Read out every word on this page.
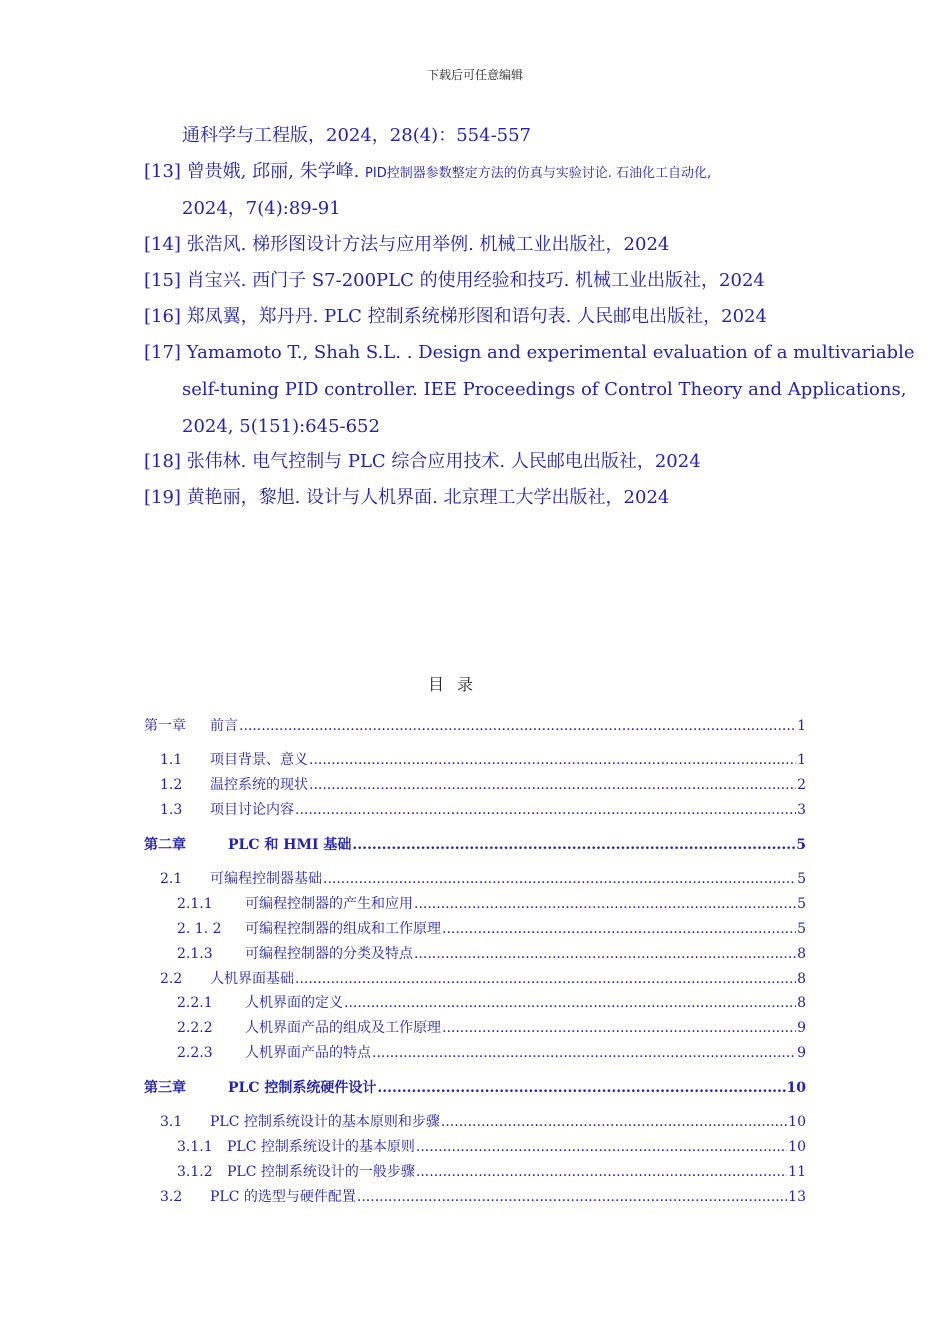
下载后可任意编辑
通科学与工程版，2024，28(4)：554-557
[13] 曾贵娥, 邱丽, 朱学峰. PID控制器参数整定方法的仿真与实验讨论. 石油化工自动化,
2024，7(4):89-91
[14] 张浩风. 梯形图设计方法与应用举例. 机械工业出版社，2024
[15] 肖宝兴. 西门子 S7-200PLC 的使用经验和技巧. 机械工业出版社，2024
[16] 郑凤翼，郑丹丹. PLC 控制系统梯形图和语句表. 人民邮电出版社，2024
[17] Yamamoto T., Shah S.L. . Design and experimental evaluation of a multivariable
self-tuning PID controller. IEE Proceedings of Control Theory and Applications,
2024, 5(151):645-652
[18] 张伟林. 电气控制与 PLC 综合应用技术. 人民邮电出版社，2024
[19] 黄艳丽，黎旭. 设计与人机界面. 北京理工大学出版社，2024
目 录
第一章	前言 .....	1
1.1	项目背景、意义 .....	1
1.2	温控系统的现状 .....	2
1.3	项目讨论内容 .....	3
第二章	PLC 和 HMI 基础 .....	5
2.1	可编程控制器基础 .....	5
2.1.1	可编程控制器的产生和应用 .....	5
2. 1. 2	可编程控制器的组成和工作原理 .....	5
2.1.3	可编程控制器的分类及特点 .....	8
2.2	人机界面基础 .....	8
2.2.1	人机界面的定义 .....	8
2.2.2	人机界面产品的组成及工作原理 .....	9
2.2.3	人机界面产品的特点 .....	9
第三章	PLC 控制系统硬件设计 .....	10
3.1	PLC 控制系统设计的基本原则和步骤 .....	10
3.1.1	PLC 控制系统设计的基本原则 .....	10
3.1.2	PLC 控制系统设计的一般步骤 .....	11
3.2	PLC 的选型与硬件配置 .....	13
